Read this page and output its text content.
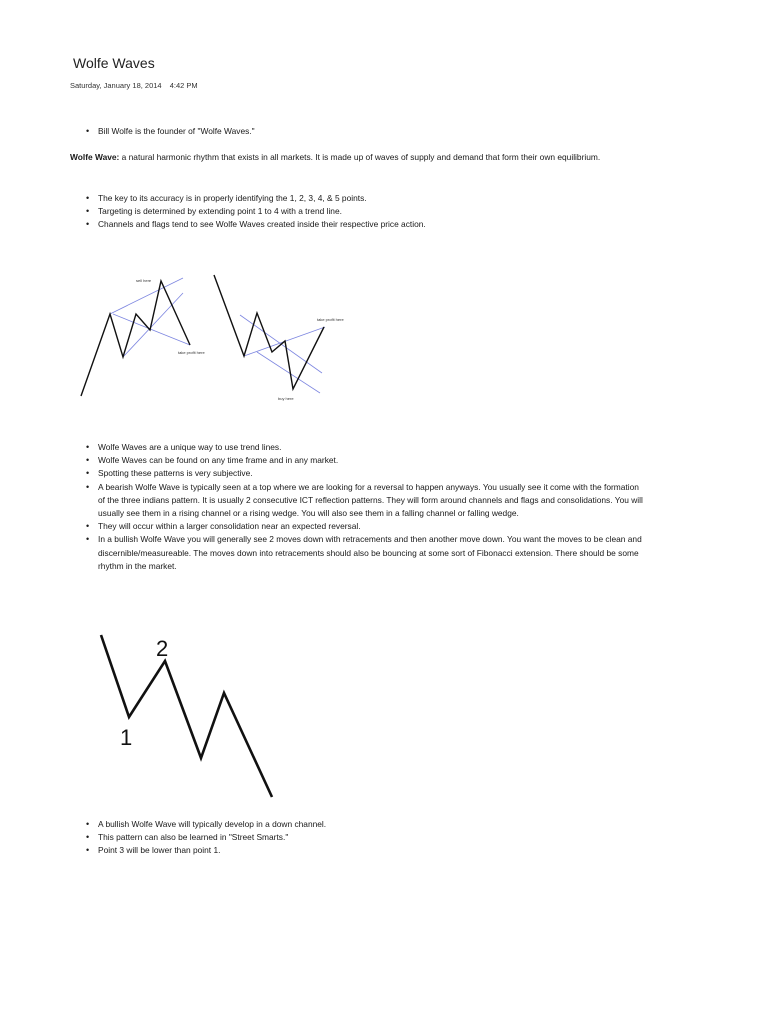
Wolfe Waves
Saturday, January 18, 2014 4:42 PM
• Bill Wolfe is the founder of "Wolfe Waves."
Wolfe Wave: a natural harmonic rhythm that exists in all markets. It is made up of waves of supply and demand that form their own equilibrium.
• The key to its accuracy is in properly identifying the 1, 2, 3, 4, & 5 points.
• Targeting is determined by extending point 1 to 4 with a trend line.
• Channels and flags tend to see Wolfe Waves created inside their respective price action.
sell here
take profit here
take profit here
buy here
• Wolfe Waves are a unique way to use trend lines.
• Wolfe Waves can be found on any time frame and in any market.
• Spotting these patterns is very subjective.
• A bearish Wolfe Wave is typically seen at a top where we are looking for a reversal to happen anyways. You usually see it come with the formation of the three indians pattern. It is usually 2 consecutive ICT reflection patterns. They will form around channels and flags and consolidations. You will usually see them in a rising channel or a rising wedge. You will also see them in a falling channel or falling wedge.
• They will occur within a larger consolidation near an expected reversal.
• In a bullish Wolfe Wave you will generally see 2 moves down with retracements and then another move down. You want the moves to be clean and discernible/measureable. The moves down into retracements should also be bouncing at some sort of Fibonacci extension. There should be some rhythm in the market.
1
2
• A bullish Wolfe Wave will typically develop in a down channel.
• This pattern can also be learned in "Street Smarts."
• Point 3 will be lower than point 1.
